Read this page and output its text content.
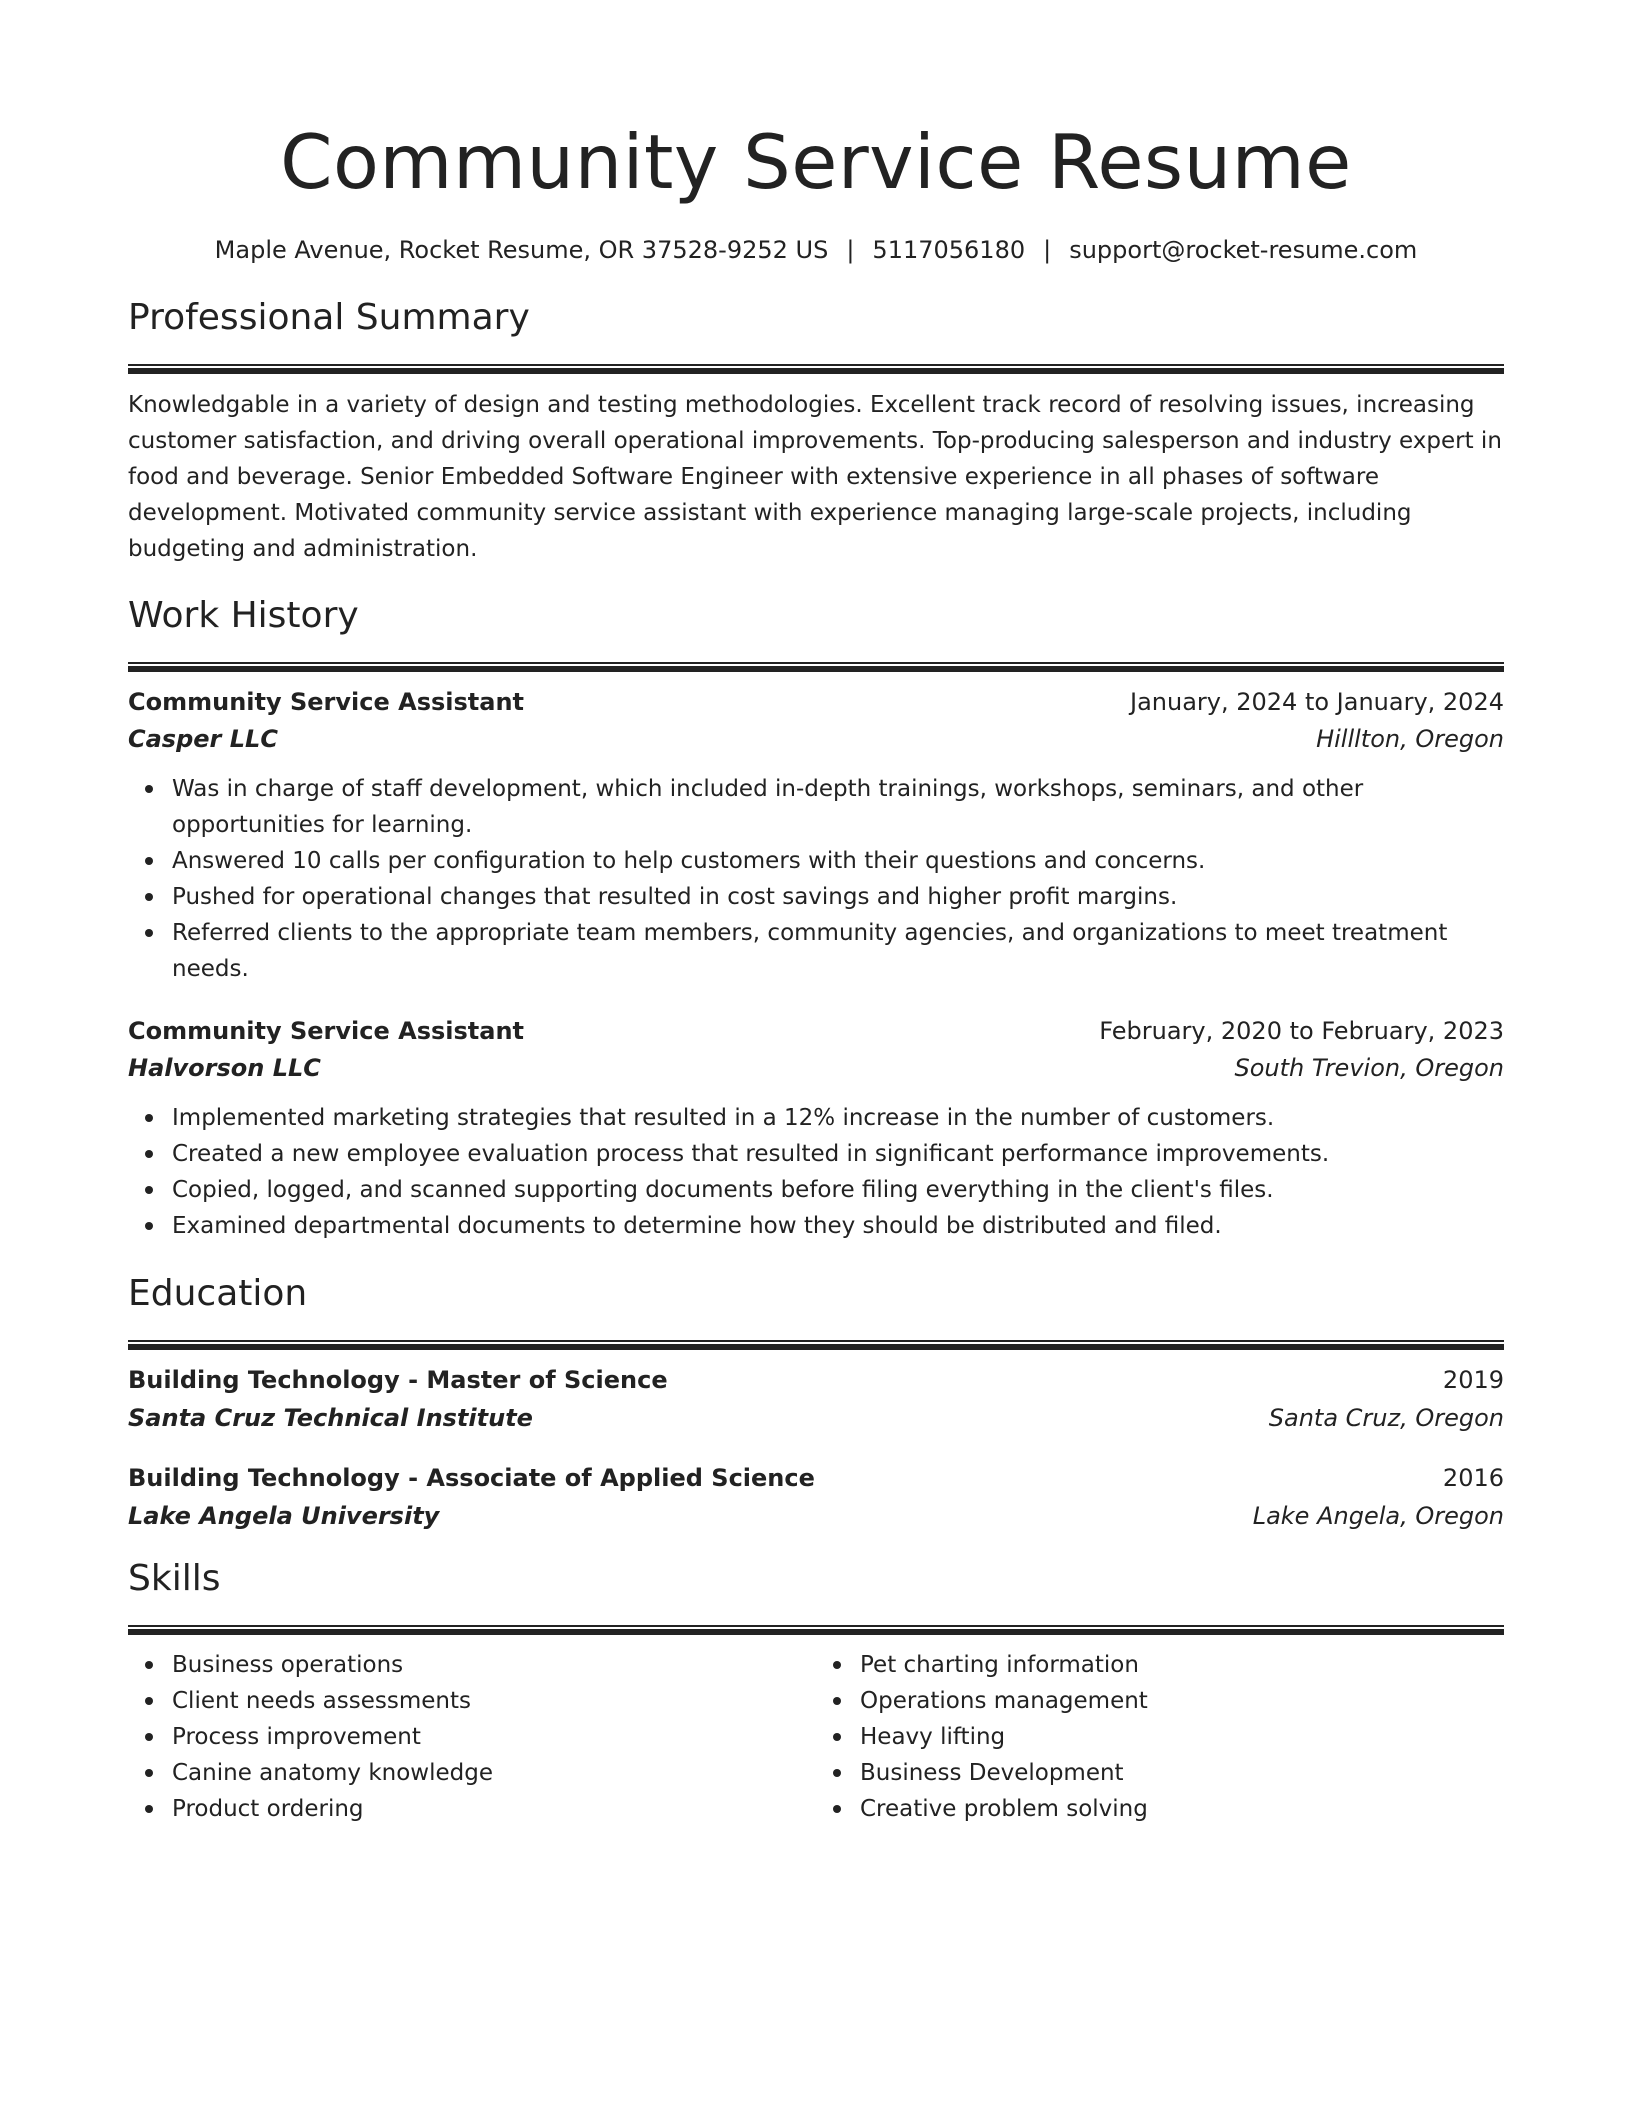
Community Service Resume
Maple Avenue, Rocket Resume, OR 37528-9252 US | 5117056180 | support@rocket-resume.com
Professional Summary

Knowledgable in a variety of design and testing methodologies. Excellent track record of resolving issues, increasing customer satisfaction, and driving overall operational improvements. Top-producing salesperson and industry expert in food and beverage. Senior Embedded Software Engineer with extensive experience in all phases of software development. Motivated community service assistant with experience managing large-scale projects, including budgeting and administration.

Work History
Community Service Assistant	January, 2024 to January, 2024
Casper LLC	Hilllton, Oregon
Was in charge of staff development, which included in-depth trainings, workshops, seminars, and other opportunities for learning.
Answered 10 calls per configuration to help customers with their questions and concerns.
Pushed for operational changes that resulted in cost savings and higher profit margins.
Referred clients to the appropriate team members, community agencies, and organizations to meet treatment needs.
Community Service Assistant	February, 2020 to February, 2023
Halvorson LLC	South Trevion, Oregon
Implemented marketing strategies that resulted in a 12% increase in the number of customers.
Created a new employee evaluation process that resulted in significant performance improvements.
Copied, logged, and scanned supporting documents before filing everything in the client's files.
Examined departmental documents to determine how they should be distributed and filed.
Education
Building Technology - Master of Science	2019
Santa Cruz Technical Institute	Santa Cruz, Oregon
Building Technology - Associate of Applied Science	2016
Lake Angela University	Lake Angela, Oregon
Skills
Business operations
Client needs assessments
Process improvement
Canine anatomy knowledge
Product ordering
Pet charting information
Operations management
Heavy lifting
Business Development
Creative problem solving
